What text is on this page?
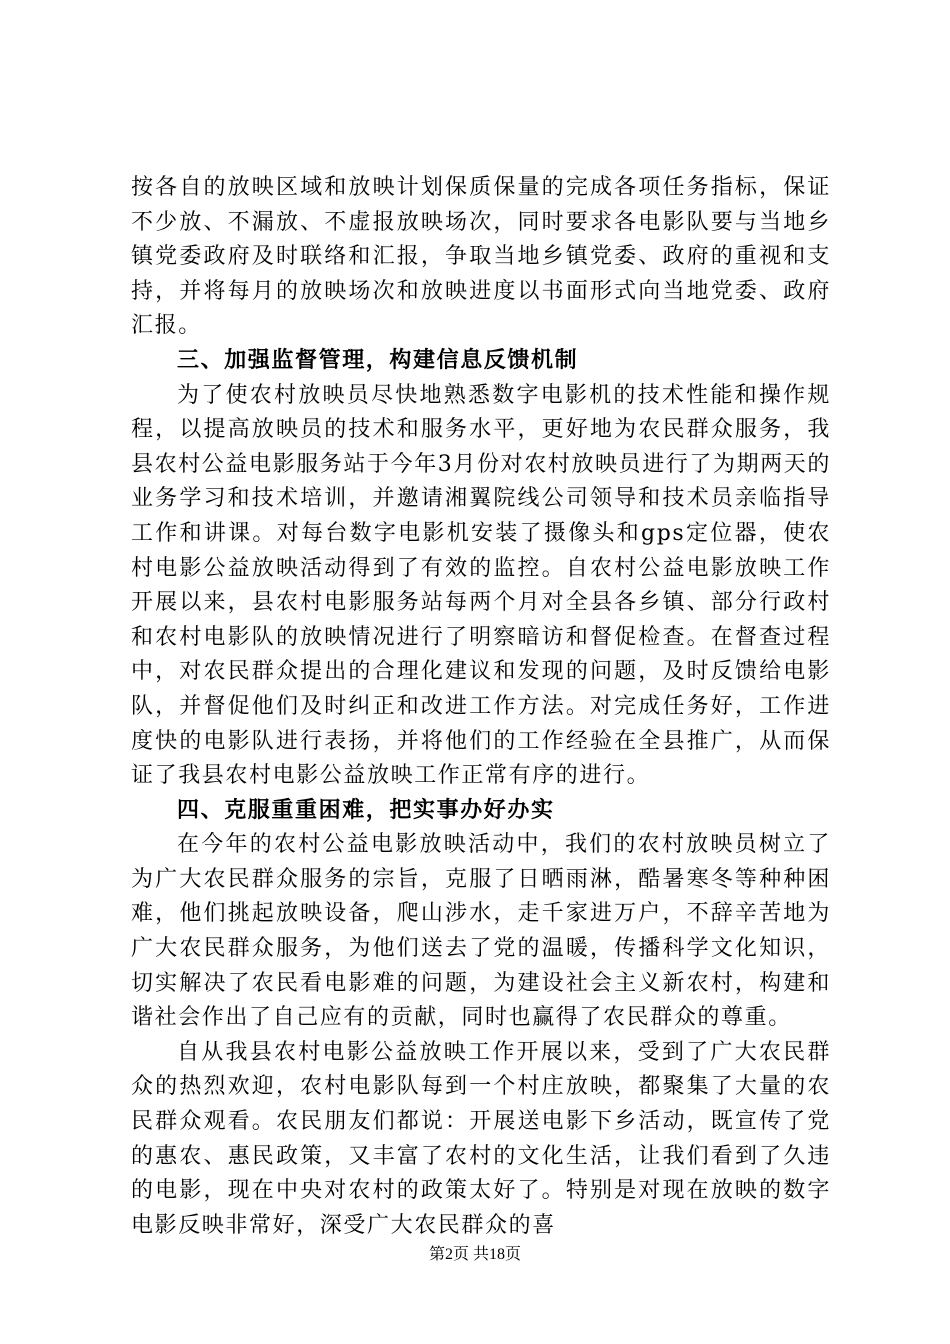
按各自的放映区域和放映计划保质保量的完成各项任务指标，保证不少放、不漏放、不虚报放映场次，同时要求各电影队要与当地乡镇党委政府及时联络和汇报，争取当地乡镇党委、政府的重视和支持，并将每月的放映场次和放映进度以书面形式向当地党委、政府汇报。

三、加强监督管理，构建信息反馈机制

为了使农村放映员尽快地熟悉数字电影机的技术性能和操作规程，以提高放映员的技术和服务水平，更好地为农民群众服务，我县农村公益电影服务站于今年3月份对农村放映员进行了为期两天的业务学习和技术培训，并邀请湘翼院线公司领导和技术员亲临指导工作和讲课。对每台数字电影机安装了摄像头和gps定位器，使农村电影公益放映活动得到了有效的监控。自农村公益电影放映工作开展以来，县农村电影服务站每两个月对全县各乡镇、部分行政村和农村电影队的放映情况进行了明察暗访和督促检查。在督查过程中，对农民群众提出的合理化建议和发现的问题，及时反馈给电影队，并督促他们及时纠正和改进工作方法。对完成任务好，工作进度快的电影队进行表扬，并将他们的工作经验在全县推广，从而保证了我县农村电影公益放映工作正常有序的进行。

四、克服重重困难，把实事办好办实

在今年的农村公益电影放映活动中，我们的农村放映员树立了为广大农民群众服务的宗旨，克服了日晒雨淋，酷暑寒冬等种种困难，他们挑起放映设备，爬山涉水，走千家进万户，不辞辛苦地为广大农民群众服务，为他们送去了党的温暖，传播科学文化知识，切实解决了农民看电影难的问题，为建设社会主义新农村，构建和谐社会作出了自己应有的贡献，同时也赢得了农民群众的尊重。

自从我县农村电影公益放映工作开展以来，受到了广大农民群众的热烈欢迎，农村电影队每到一个村庄放映，都聚集了大量的农民群众观看。农民朋友们都说：开展送电影下乡活动，既宣传了党的惠农、惠民政策，又丰富了农村的文化生活，让我们看到了久违的电影，现在中央对农村的政策太好了。特别是对现在放映的数字电影反映非常好，深受广大农民群众的喜

第2页 共18页
